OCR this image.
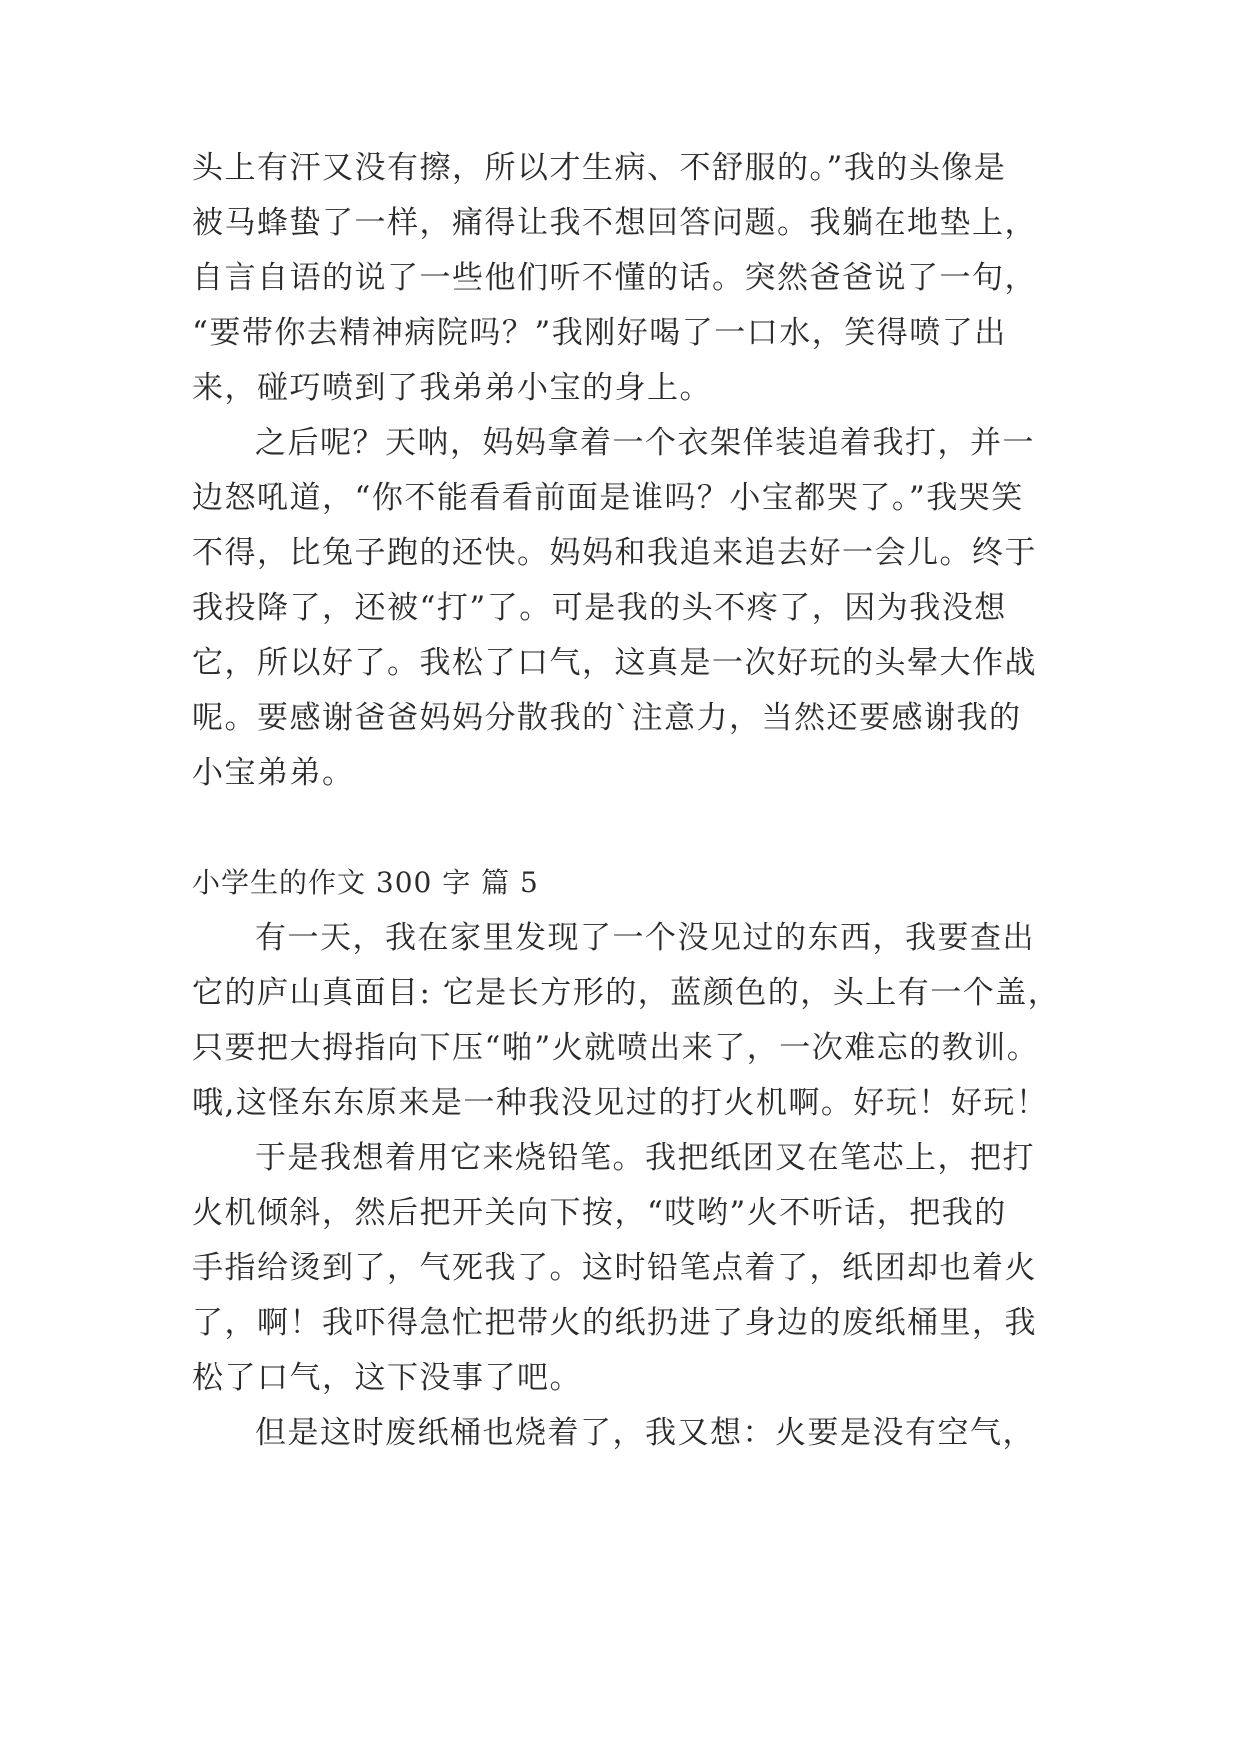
头上有汗又没有擦，所以才生病、不舒服的。”我的头像是
被马蜂蛰了一样，痛得让我不想回答问题。我躺在地垫上，
自言自语的说了一些他们听不懂的话。突然爸爸说了一句，
“要带你去精神病院吗？”我刚好喝了一口水，笑得喷了出
来，碰巧喷到了我弟弟小宝的身上。
之后呢？天呐，妈妈拿着一个衣架佯装追着我打，并一
边怒吼道，“你不能看看前面是谁吗？小宝都哭了。”我哭笑
不得，比兔子跑的还快。妈妈和我追来追去好一会儿。终于
我投降了，还被“打”了。可是我的头不疼了，因为我没想
它，所以好了。我松了口气，这真是一次好玩的头晕大作战
呢。要感谢爸爸妈妈分散我的`注意力，当然还要感谢我的
小宝弟弟。
小学生的作文 300 字 篇 5
有一天，我在家里发现了一个没见过的东西，我要查出
它的庐山真面目: 它是长方形的，蓝颜色的，头上有一个盖，
只要把大拇指向下压“啪”火就喷出来了，一次难忘的教训。
哦,这怪东东原来是一种我没见过的打火机啊。好玩！好玩！
于是我想着用它来烧铅笔。我把纸团叉在笔芯上，把打
火机倾斜，然后把开关向下按，“哎哟”火不听话，把我的
手指给烫到了，气死我了。这时铅笔点着了，纸团却也着火
了，啊！我吓得急忙把带火的纸扔进了身边的废纸桶里，我
松了口气，这下没事了吧。
但是这时废纸桶也烧着了，我又想：火要是没有空气，
